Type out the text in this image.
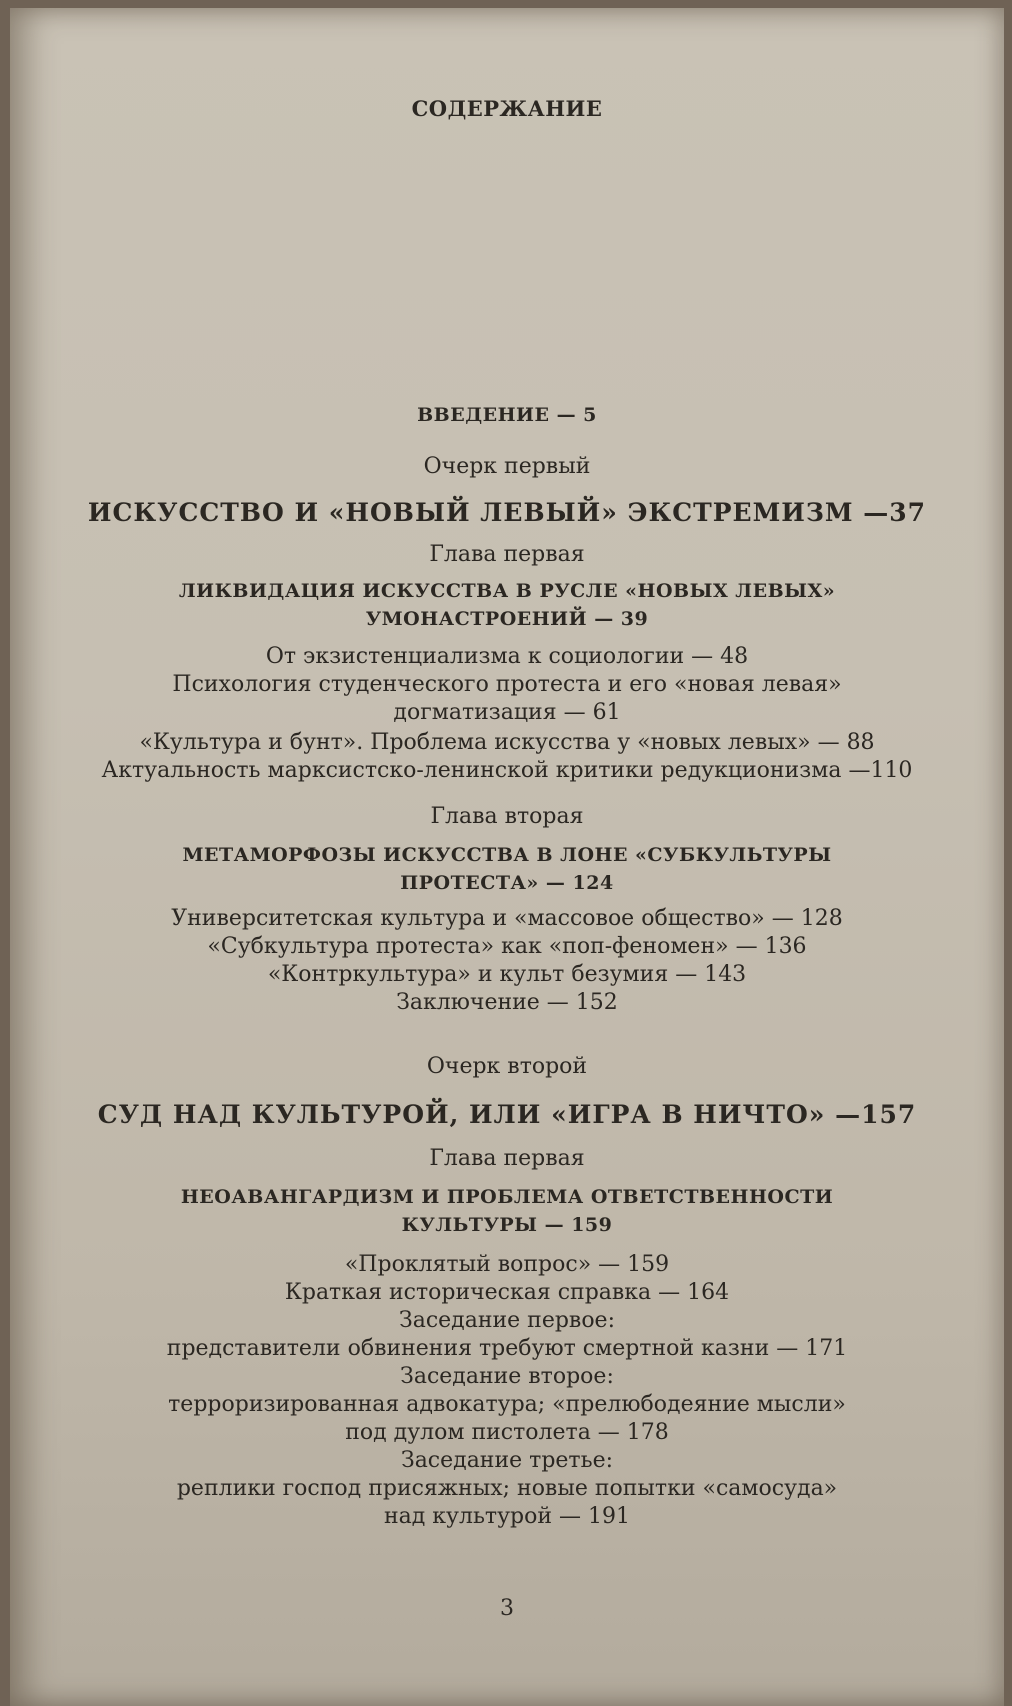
СОДЕРЖАНИЕ
ВВЕДЕНИЕ — 5
Очерк первый
ИСКУССТВО И «НОВЫЙ ЛЕВЫЙ» ЭКСТРЕМИЗМ —37
Глава первая
ЛИКВИДАЦИЯ ИСКУССТВА В РУСЛЕ «НОВЫХ ЛЕВЫХ»
УМОНАСТРОЕНИЙ — 39
От экзистенциализма к социологии — 48
Психология студенческого протеста и его «новая левая»
догматизация — 61
«Культура и бунт». Проблема искусства у «новых левых» — 88
Актуальность марксистско-ленинской критики редукционизма —110
Глава вторая
МЕТАМОРФОЗЫ ИСКУССТВА В ЛОНЕ «СУБКУЛЬТУРЫ
ПРОТЕСТА» — 124
Университетская культура и «массовое общество» — 128
«Субкультура протеста» как «поп-феномен» — 136
«Контркультура» и культ безумия — 143
Заключение — 152
Очерк второй
СУД НАД КУЛЬТУРОЙ, ИЛИ «ИГРА В НИЧТО» —157
Глава первая
НЕОАВАНГАРДИЗМ И ПРОБЛЕМА ОТВЕТСТВЕННОСТИ
КУЛЬТУРЫ — 159
«Проклятый вопрос» — 159
Краткая историческая справка — 164
Заседание первое:
представители обвинения требуют смертной казни — 171
Заседание второе:
терроризированная адвокатура; «прелюбодеяние мысли»
под дулом пистолета — 178
Заседание третье:
реплики господ присяжных; новые попытки «самосуда»
над культурой — 191
3
